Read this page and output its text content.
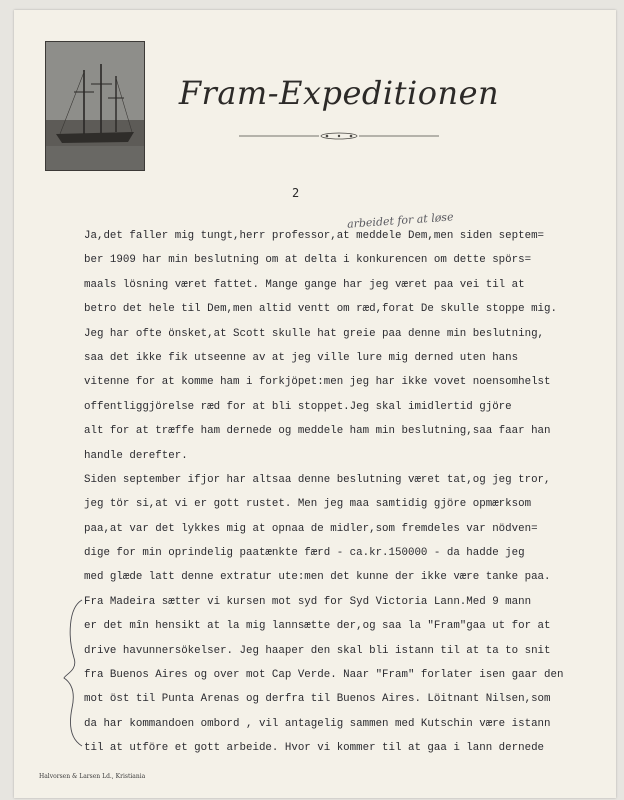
Fram-Expeditionen
2
arbeidet for at løse
Ja,det faller mig tungt,herr professor,at meddele Dem,men siden septem=
ber 1909 har min beslutning om at delta i konkurencen om dette spörs=
maals lösning været fattet. Mange gange har jeg været paa vei til at
betro det hele til Dem,men altid ventt om ræd,forat De skulle stoppe mig.
Jeg har ofte önsket,at Scott skulle hat greie paa denne min beslutning,
saa det ikke fik utseenne av at jeg ville lure mig derned uten hans
vitenne for at komme ham i forkjöpet:men jeg har ikke vovet noensomhelst
offentliggjörelse ræd for at bli stoppet.Jeg skal imidlertid gjöre
alt for at træffe ham dernede og meddele ham min beslutning,saa faar han
handle derefter.
Siden september ifjor har altsaa denne beslutning været tat,og jeg tror,
jeg tör si,at vi er gott rustet. Men jeg maa samtidig gjöre opmærksom
paa,at var det lykkes mig at opnaa de midler,som fremdeles var nödven=
dige for min oprindelig paatænkte færd - ca.kr.150000 - da hadde jeg
med glæde latt denne extratur ute:men det kunne der ikke være tanke paa.
Fra Madeira sætter vi kursen mot syd for Syd Victoria Lann.Med 9 mann
er det mîn hensikt at la mig lannsætte der,og saa la "Fram"gaa ut for at
drive havunnersökelser. Jeg haaper den skal bli istann til at ta to snit
fra Buenos Aires og over mot Cap Verde. Naar "Fram" forlater isen gaar den
mot öst til Punta Arenas og derfra til Buenos Aires. Löitnant Nilsen,som
da har kommandoen ombord , vil antagelig sammen med Kutschin være istann
til at utföre et gott arbeide. Hvor vi kommer til at gaa i lann dernede
Halvorsen & Larsen Ld., Kristiania
